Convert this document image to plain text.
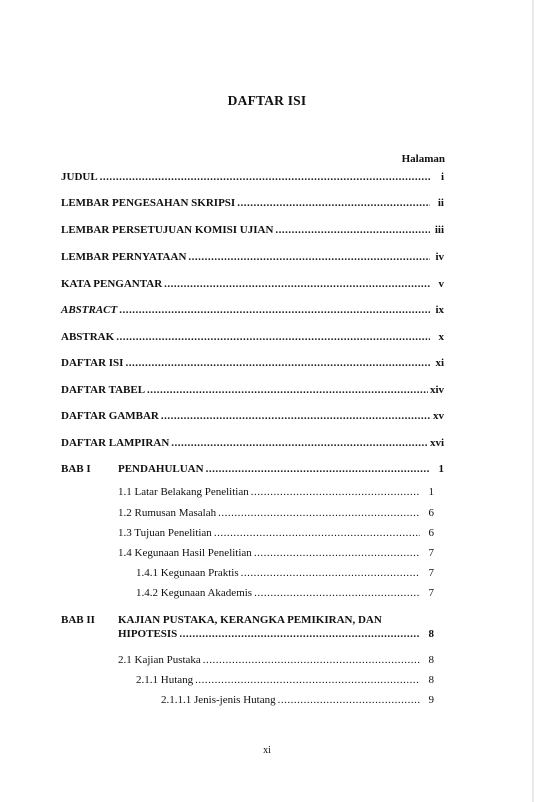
DAFTAR ISI
Halaman
JUDUL .....	i
LEMBAR PENGESAHAN SKRIPSI .....	ii
LEMBAR PERSETUJUAN KOMISI UJIAN .....	iii
LEMBAR PERNYATAAN .....	iv
KATA PENGANTAR .....	v
ABSTRACT .....	ix
ABSTRAK .....	x
DAFTAR ISI .....	xi
DAFTAR TABEL .....	xiv
DAFTAR GAMBAR .....	xv
DAFTAR LAMPIRAN .....	xvi
BAB I PENDAHULUAN .....	1
1.1 Latar Belakang Penelitian .....	1
1.2 Rumusan Masalah .....	6
1.3 Tujuan Penelitian .....	6
1.4 Kegunaan Hasil Penelitian .....	7
1.4.1 Kegunaan Praktis .....	7
1.4.2 Kegunaan Akademis .....	7
BAB II KAJIAN PUSTAKA, KERANGKA PEMIKIRAN, DAN
HIPOTESIS .....	8
2.1 Kajian Pustaka .....	8
2.1.1 Hutang .....	8
2.1.1.1 Jenis-jenis Hutang .....	9
xi
